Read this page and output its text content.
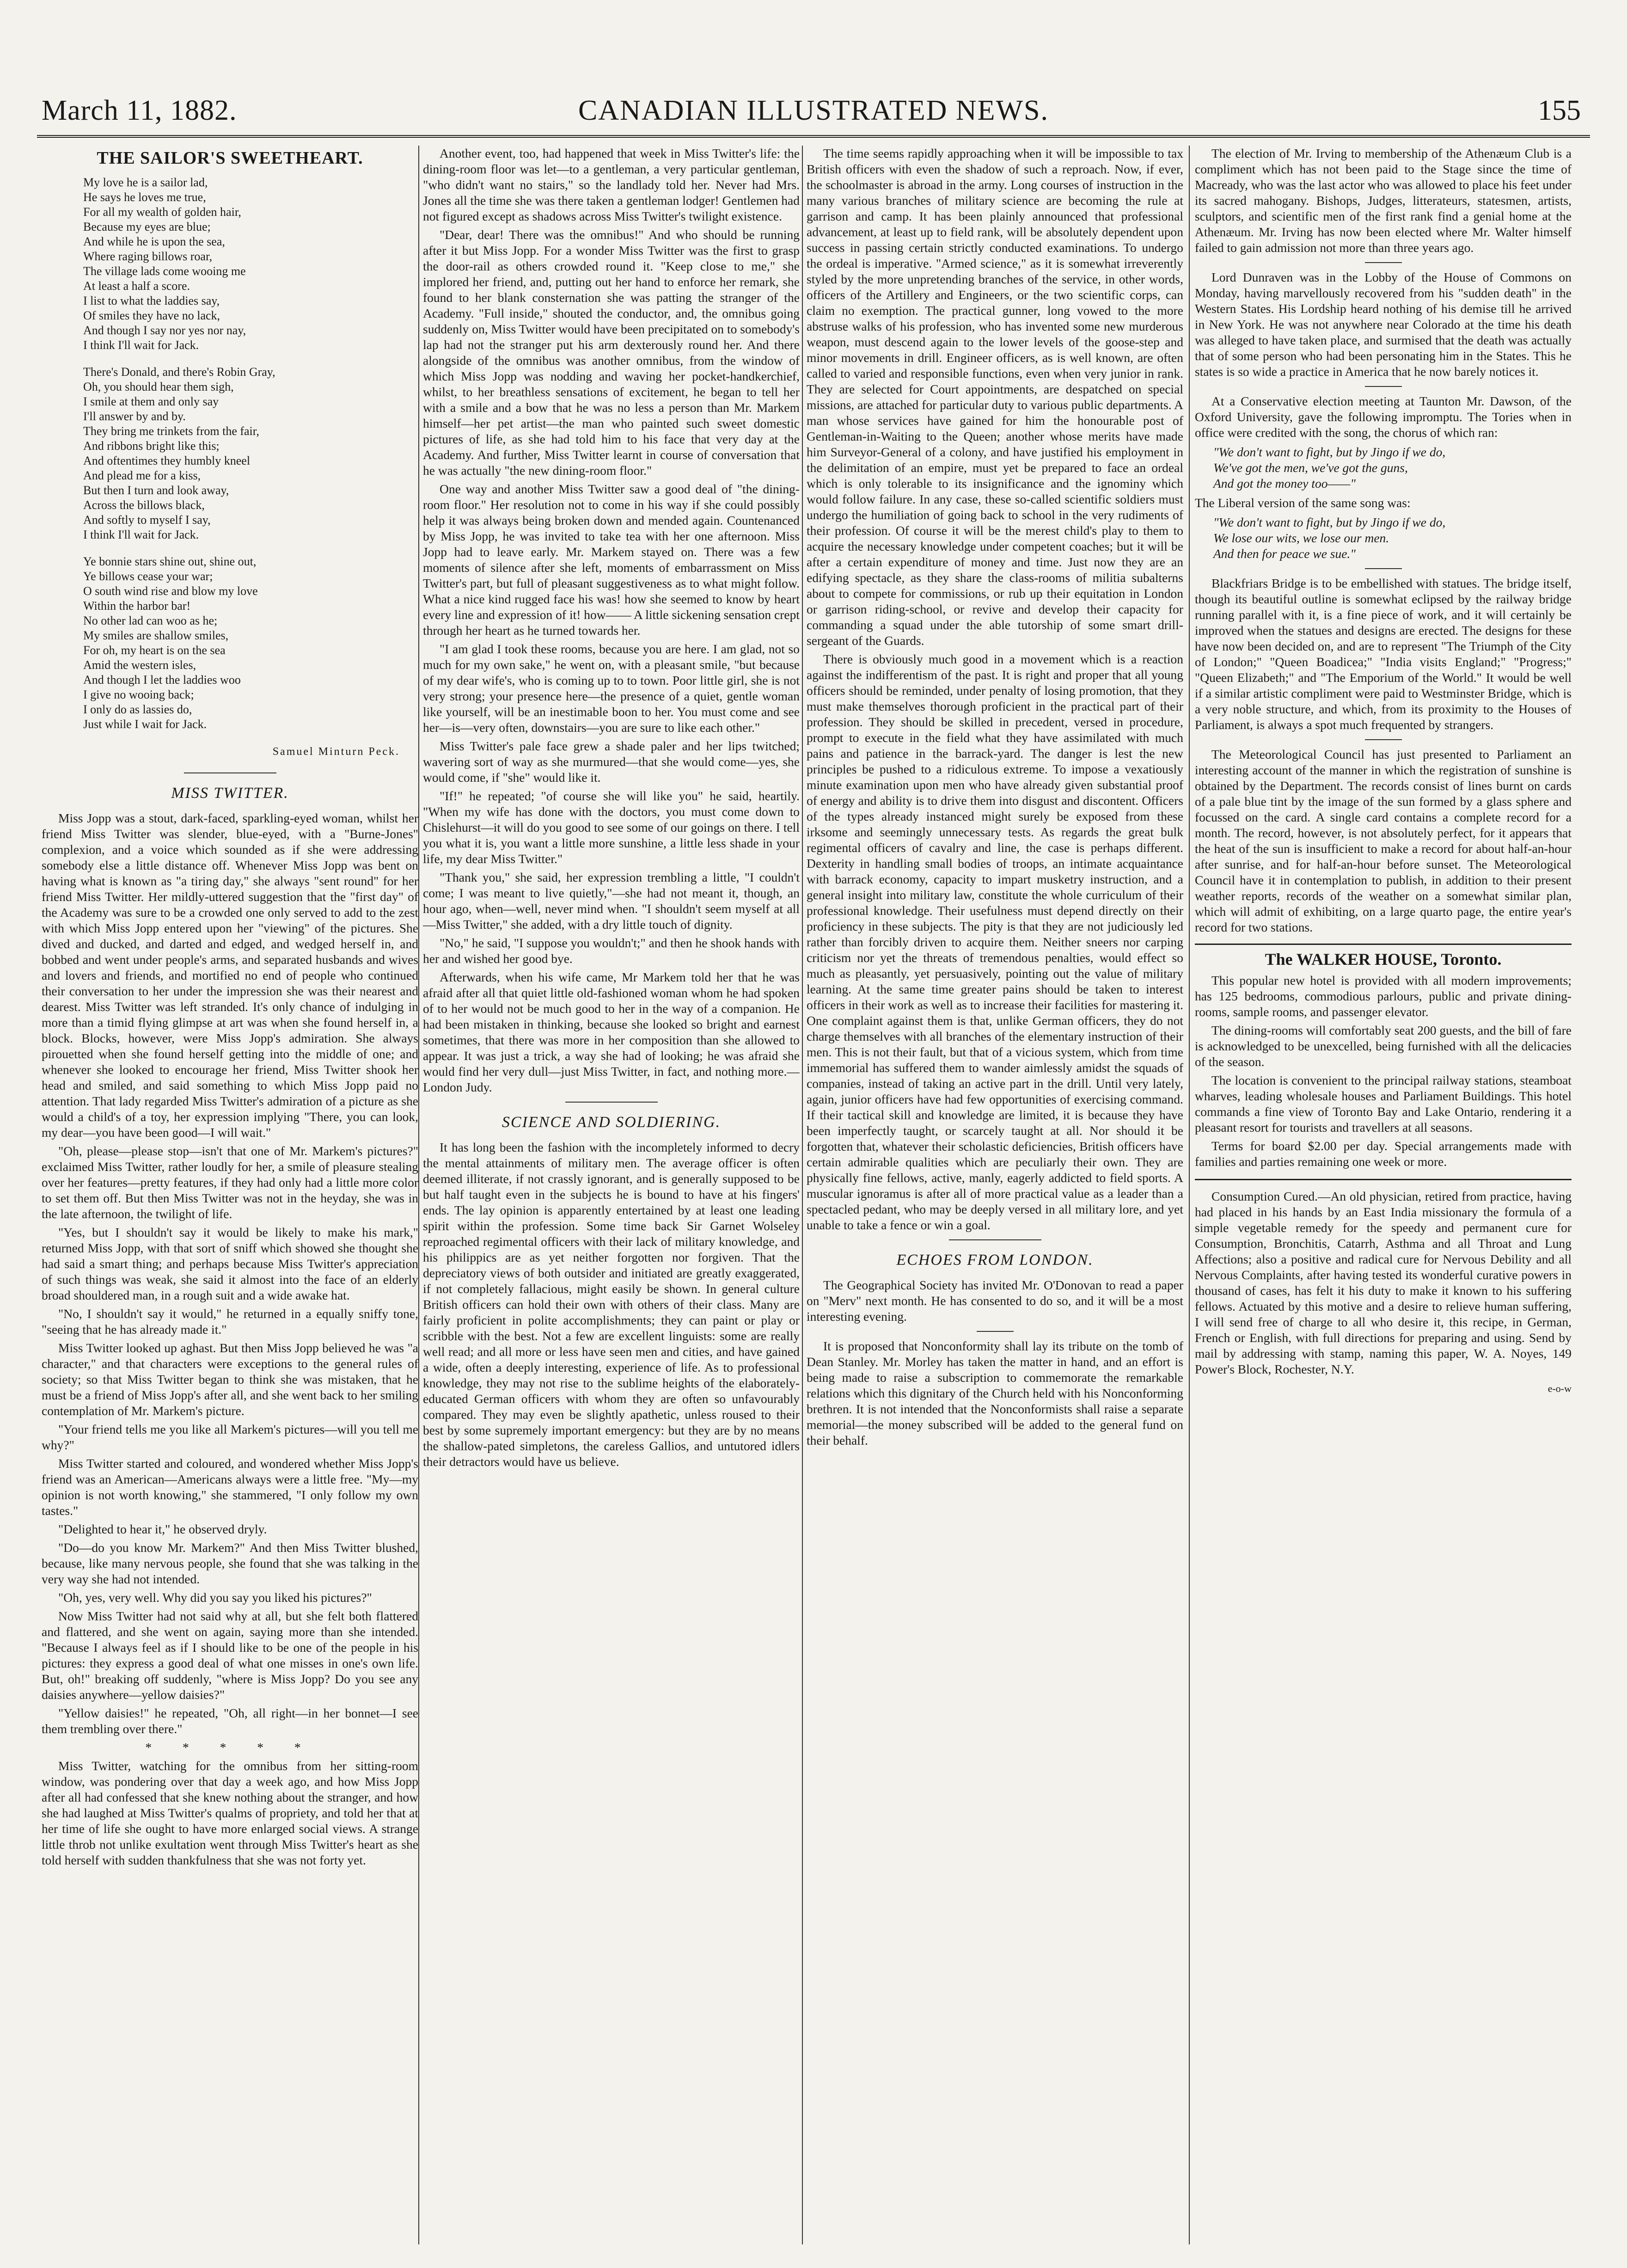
March 11, 1882.	CANADIAN ILLUSTRATED NEWS.	155
THE SAILOR'S SWEETHEART.
My love he is a sailor lad,
He says he loves me true,
For all my wealth of golden hair,
Because my eyes are blue;
And while he is upon the sea,
Where raging billows roar,
The village lads come wooing me
At least a half a score.
I list to what the laddies say,
Of smiles they have no lack,
And though I say nor yes nor nay,
I think I'll wait for Jack.
There's Donald, and there's Robin Gray,
Oh, you should hear them sigh,
I smile at them and only say
I'll answer by and by.
They bring me trinkets from the fair,
And ribbons bright like this;
And oftentimes they humbly kneel
And plead me for a kiss,
But then I turn and look away,
Across the billows black,
And softly to myself I say,
I think I'll wait for Jack.
Ye bonnie stars shine out, shine out,
Ye billows cease your war;
O south wind rise and blow my love
Within the harbor bar!
No other lad can woo as he;
My smiles are shallow smiles,
For oh, my heart is on the sea
Amid the western isles,
And though I let the laddies woo
I give no wooing back;
I only do as lassies do,
Just while I wait for Jack.
Samuel Minturn Peck.
MISS TWITTER.

Miss Jopp was a stout, dark-faced, sparkling-eyed woman, whilst her friend Miss Twitter was slender, blue-eyed, with a "Burne-Jones" complexion, and a voice which sounded as if she were addressing somebody else a little distance off. Whenever Miss Jopp was bent on having what is known as "a tiring day," she always "sent round" for her friend Miss Twitter. Her mildly-uttered suggestion that the "first day" of the Academy was sure to be a crowded one only served to add to the zest with which Miss Jopp entered upon her "viewing" of the pictures. She dived and ducked, and darted and edged, and wedged herself in, and bobbed and went under people's arms, and separated husbands and wives and lovers and friends, and mortified no end of people who continued their conversation to her under the impression she was their nearest and dearest. Miss Twitter was left stranded. It's only chance of indulging in more than a timid flying glimpse at art was when she found herself in, a block. Blocks, however, were Miss Jopp's admiration. She always pirouetted when she found herself getting into the middle of one; and whenever she looked to encourage her friend, Miss Twitter shook her head and smiled, and said something to which Miss Jopp paid no attention. That lady regarded Miss Twitter's admiration of a picture as she would a child's of a toy, her expression implying "There, you can look, my dear—you have been good—I will wait."

"Oh, please—please stop—isn't that one of Mr. Markem's pictures?" exclaimed Miss Twitter, rather loudly for her, a smile of pleasure stealing over her features—pretty features, if they had only had a little more color to set them off. But then Miss Twitter was not in the heyday, she was in the late afternoon, the twilight of life.

"Yes, but I shouldn't say it would be likely to make his mark," returned Miss Jopp, with that sort of sniff which showed she thought she had said a smart thing; and perhaps because Miss Twitter's appreciation of such things was weak, she said it almost into the face of an elderly broad shouldered man, in a rough suit and a wide awake hat.

"No, I shouldn't say it would," he returned in a equally sniffy tone, "seeing that he has already made it."

Miss Twitter looked up aghast. But then Miss Jopp believed he was "a character," and that characters were exceptions to the general rules of society; so that Miss Twitter began to think she was mistaken, that he must be a friend of Miss Jopp's after all, and she went back to her smiling contemplation of Mr. Markem's picture.

"Your friend tells me you like all Markem's pictures—will you tell me why?"

Miss Twitter started and coloured, and wondered whether Miss Jopp's friend was an American—Americans always were a little free. "My—my opinion is not worth knowing," she stammered, "I only follow my own tastes."

"Delighted to hear it," he observed dryly.

"Do—do you know Mr. Markem?" And then Miss Twitter blushed, because, like many nervous people, she found that she was talking in the very way she had not intended.

"Oh, yes, very well. Why did you say you liked his pictures?"

Now Miss Twitter had not said why at all, but she felt both flattered and flattered, and she went on again, saying more than she intended. "Because I always feel as if I should like to be one of the people in his pictures: they express a good deal of what one misses in one's own life. But, oh!" breaking off suddenly, "where is Miss Jopp? Do you see any daisies anywhere—yellow daisies?"

"Yellow daisies!" he repeated, "Oh, all right—in her bonnet—I see them trembling over there."

* * * * *

Miss Twitter, watching for the omnibus from her sitting-room window, was pondering over that day a week ago, and how Miss Jopp after all had confessed that she knew nothing about the stranger, and how she had laughed at Miss Twitter's qualms of propriety, and told her that at her time of life she ought to have more enlarged social views. A strange little throb not unlike exultation went through Miss Twitter's heart as she told herself with sudden thankfulness that she was not forty yet.

Another event, too, had happened that week in Miss Twitter's life: the dining-room floor was let—to a gentleman, a very particular gentleman, "who didn't want no stairs," so the landlady told her. Never had Mrs. Jones all the time she was there taken a gentleman lodger! Gentlemen had not figured except as shadows across Miss Twitter's twilight existence.

"Dear, dear! There was the omnibus!" And who should be running after it but Miss Jopp. For a wonder Miss Twitter was the first to grasp the door-rail as others crowded round it. "Keep close to me," she implored her friend, and, putting out her hand to enforce her remark, she found to her blank consternation she was patting the stranger of the Academy. "Full inside," shouted the conductor, and, the omnibus going suddenly on, Miss Twitter would have been precipitated on to somebody's lap had not the stranger put his arm dexterously round her. And there alongside of the omnibus was another omnibus, from the window of which Miss Jopp was nodding and waving her pocket-handkerchief, whilst, to her breathless sensations of excitement, he began to tell her with a smile and a bow that he was no less a person than Mr. Markem himself—her pet artist—the man who painted such sweet domestic pictures of life, as she had told him to his face that very day at the Academy. And further, Miss Twitter learnt in course of conversation that he was actually "the new dining-room floor."

One way and another Miss Twitter saw a good deal of "the dining-room floor." Her resolution not to come in his way if she could possibly help it was always being broken down and mended again. Countenanced by Miss Jopp, he was invited to take tea with her one afternoon. Miss Jopp had to leave early. Mr. Markem stayed on. There was a few moments of silence after she left, moments of embarrassment on Miss Twitter's part, but full of pleasant suggestiveness as to what might follow. What a nice kind rugged face his was! how she seemed to know by heart every line and expression of it! how—— A little sickening sensation crept through her heart as he turned towards her.

"I am glad I took these rooms, because you are here. I am glad, not so much for my own sake," he went on, with a pleasant smile, "but because of my dear wife's, who is coming up to to town. Poor little girl, she is not very strong; your presence here—the presence of a quiet, gentle woman like yourself, will be an inestimable boon to her. You must come and see her—is—very often, downstairs—you are sure to like each other."

Miss Twitter's pale face grew a shade paler and her lips twitched; wavering sort of way as she murmured—that she would come—yes, she would come, if "she" would like it.

"If!" he repeated; "of course she will like you" he said, heartily. "When my wife has done with the doctors, you must come down to Chislehurst—it will do you good to see some of our goings on there. I tell you what it is, you want a little more sunshine, a little less shade in your life, my dear Miss Twitter."

"Thank you," she said, her expression trembling a little, "I couldn't come; I was meant to live quietly,"—she had not meant it, though, an hour ago, when—well, never mind when. "I shouldn't seem myself at all—Miss Twitter," she added, with a dry little touch of dignity.

"No," he said, "I suppose you wouldn't;" and then he shook hands with her and wished her good bye.

Afterwards, when his wife came, Mr Markem told her that he was afraid after all that quiet little old-fashioned woman whom he had spoken of to her would not be much good to her in the way of a companion. He had been mistaken in thinking, because she looked so bright and earnest sometimes, that there was more in her composition than she allowed to appear. It was just a trick, a way she had of looking; he was afraid she would find her very dull—just Miss Twitter, in fact, and nothing more.—London Judy.

SCIENCE AND SOLDIERING.

It has long been the fashion with the incompletely informed to decry the mental attainments of military men. The average officer is often deemed illiterate, if not crassly ignorant, and is generally supposed to be but half taught even in the subjects he is bound to have at his fingers' ends. The lay opinion is apparently entertained by at least one leading spirit within the profession. Some time back Sir Garnet Wolseley reproached regimental officers with their lack of military knowledge, and his philippics are as yet neither forgotten nor forgiven. That the depreciatory views of both outsider and initiated are greatly exaggerated, if not completely fallacious, might easily be shown. In general culture British officers can hold their own with others of their class. Many are fairly proficient in polite accomplishments; they can paint or play or scribble with the best. Not a few are excellent linguists: some are really well read; and all more or less have seen men and cities, and have gained a wide, often a deeply interesting, experience of life. As to professional knowledge, they may not rise to the sublime heights of the elaborately-educated German officers with whom they are often so unfavourably compared. They may even be slightly apathetic, unless roused to their best by some supremely important emergency: but they are by no means the shallow-pated simpletons, the careless Gallios, and untutored idlers their detractors would have us believe.

The time seems rapidly approaching when it will be impossible to tax British officers with even the shadow of such a reproach. Now, if ever, the schoolmaster is abroad in the army. Long courses of instruction in the many various branches of military science are becoming the rule at garrison and camp. It has been plainly announced that professional advancement, at least up to field rank, will be absolutely dependent upon success in passing certain strictly conducted examinations. To undergo the ordeal is imperative. "Armed science," as it is somewhat irreverently styled by the more unpretending branches of the service, in other words, officers of the Artillery and Engineers, or the two scientific corps, can claim no exemption. The practical gunner, long vowed to the more abstruse walks of his profession, who has invented some new murderous weapon, must descend again to the lower levels of the goose-step and minor movements in drill. Engineer officers, as is well known, are often called to varied and responsible functions, even when very junior in rank. They are selected for Court appointments, are despatched on special missions, are attached for particular duty to various public departments. A man whose services have gained for him the honourable post of Gentleman-in-Waiting to the Queen; another whose merits have made him Surveyor-General of a colony, and have justified his employment in the delimitation of an empire, must yet be prepared to face an ordeal which is only tolerable to its insignificance and the ignominy which would follow failure. In any case, these so-called scientific soldiers must undergo the humiliation of going back to school in the very rudiments of their profession. Of course it will be the merest child's play to them to acquire the necessary knowledge under competent coaches; but it will be after a certain expenditure of money and time. Just now they are an edifying spectacle, as they share the class-rooms of militia subalterns about to compete for commissions, or rub up their equitation in London or garrison riding-school, or revive and develop their capacity for commanding a squad under the able tutorship of some smart drill-sergeant of the Guards.

There is obviously much good in a movement which is a reaction against the indifferentism of the past. It is right and proper that all young officers should be reminded, under penalty of losing promotion, that they must make themselves thorough proficient in the practical part of their profession. They should be skilled in precedent, versed in procedure, prompt to execute in the field what they have assimilated with much pains and patience in the barrack-yard. The danger is lest the new principles be pushed to a ridiculous extreme. To impose a vexatiously minute examination upon men who have already given substantial proof of energy and ability is to drive them into disgust and discontent. Officers of the types already instanced might surely be exposed from these irksome and seemingly unnecessary tests. As regards the great bulk regimental officers of cavalry and line, the case is perhaps different. Dexterity in handling small bodies of troops, an intimate acquaintance with barrack economy, capacity to impart musketry instruction, and a general insight into military law, constitute the whole curriculum of their professional knowledge. Their usefulness must depend directly on their proficiency in these subjects. The pity is that they are not judiciously led rather than forcibly driven to acquire them. Neither sneers nor carping criticism nor yet the threats of tremendous penalties, would effect so much as pleasantly, yet persuasively, pointing out the value of military learning. At the same time greater pains should be taken to interest officers in their work as well as to increase their facilities for mastering it. One complaint against them is that, unlike German officers, they do not charge themselves with all branches of the elementary instruction of their men. This is not their fault, but that of a vicious system, which from time immemorial has suffered them to wander aimlessly amidst the squads of companies, instead of taking an active part in the drill. Until very lately, again, junior officers have had few opportunities of exercising command. If their tactical skill and knowledge are limited, it is because they have been imperfectly taught, or scarcely taught at all. Nor should it be forgotten that, whatever their scholastic deficiencies, British officers have certain admirable qualities which are peculiarly their own. They are physically fine fellows, active, manly, eagerly addicted to field sports. A muscular ignoramus is after all of more practical value as a leader than a spectacled pedant, who may be deeply versed in all military lore, and yet unable to take a fence or win a goal.

ECHOES FROM LONDON.

The Geographical Society has invited Mr. O'Donovan to read a paper on "Merv" next month. He has consented to do so, and it will be a most interesting evening.

It is proposed that Nonconformity shall lay its tribute on the tomb of Dean Stanley. Mr. Morley has taken the matter in hand, and an effort is being made to raise a subscription to commemorate the remarkable relations which this dignitary of the Church held with his Nonconforming brethren. It is not intended that the Nonconformists shall raise a separate memorial—the money subscribed will be added to the general fund on their behalf.

The election of Mr. Irving to membership of the Athenæum Club is a compliment which has not been paid to the Stage since the time of Macready, who was the last actor who was allowed to place his feet under its sacred mahogany. Bishops, Judges, litterateurs, statesmen, artists, sculptors, and scientific men of the first rank find a genial home at the Athenæum. Mr. Irving has now been elected where Mr. Walter himself failed to gain admission not more than three years ago.

Lord Dunraven was in the Lobby of the House of Commons on Monday, having marvellously recovered from his "sudden death" in the Western States. His Lordship heard nothing of his demise till he arrived in New York. He was not anywhere near Colorado at the time his death was alleged to have taken place, and surmised that the death was actually that of some person who had been personating him in the States. This he states is so wide a practice in America that he now barely notices it.

At a Conservative election meeting at Taunton Mr. Dawson, of the Oxford University, gave the following impromptu. The Tories when in office were credited with the song, the chorus of which ran:

"We don't want to fight, but by Jingo if we do,
We've got the men, we've got the guns,
And got the money too——"

The Liberal version of the same song was:

"We don't want to fight, but by Jingo if we do,
We lose our wits, we lose our men.
And then for peace we sue."

Blackfriars Bridge is to be embellished with statues. The bridge itself, though its beautiful outline is somewhat eclipsed by the railway bridge running parallel with it, is a fine piece of work, and it will certainly be improved when the statues and designs are erected. The designs for these have now been decided on, and are to represent "The Triumph of the City of London;" "Queen Boadicea;" "India visits England;" "Progress;" "Queen Elizabeth;" and "The Emporium of the World." It would be well if a similar artistic compliment were paid to Westminster Bridge, which is a very noble structure, and which, from its proximity to the Houses of Parliament, is always a spot much frequented by strangers.

The Meteorological Council has just presented to Parliament an interesting account of the manner in which the registration of sunshine is obtained by the Department. The records consist of lines burnt on cards of a pale blue tint by the image of the sun formed by a glass sphere and focussed on the card. A single card contains a complete record for a month. The record, however, is not absolutely perfect, for it appears that the heat of the sun is insufficient to make a record for about half-an-hour after sunrise, and for half-an-hour before sunset. The Meteorological Council have it in contemplation to publish, in addition to their present weather reports, records of the weather on a somewhat similar plan, which will admit of exhibiting, on a large quarto page, the entire year's record for two stations.

The WALKER HOUSE, Toronto.

This popular new hotel is provided with all modern improvements; has 125 bedrooms, commodious parlours, public and private dining-rooms, sample rooms, and passenger elevator.

The dining-rooms will comfortably seat 200 guests, and the bill of fare is acknowledged to be unexcelled, being furnished with all the delicacies of the season.

The location is convenient to the principal railway stations, steamboat wharves, leading wholesale houses and Parliament Buildings. This hotel commands a fine view of Toronto Bay and Lake Ontario, rendering it a pleasant resort for tourists and travellers at all seasons.

Terms for board $2.00 per day. Special arrangements made with families and parties remaining one week or more.

Consumption Cured.—An old physician, retired from practice, having had placed in his hands by an East India missionary the formula of a simple vegetable remedy for the speedy and permanent cure for Consumption, Bronchitis, Catarrh, Asthma and all Throat and Lung Affections; also a positive and radical cure for Nervous Debility and all Nervous Complaints, after having tested its wonderful curative powers in thousand of cases, has felt it his duty to make it known to his suffering fellows. Actuated by this motive and a desire to relieve human suffering, I will send free of charge to all who desire it, this recipe, in German, French or English, with full directions for preparing and using. Send by mail by addressing with stamp, naming this paper, W. A. Noyes, 149 Power's Block, Rochester, N.Y.

e-o-w
